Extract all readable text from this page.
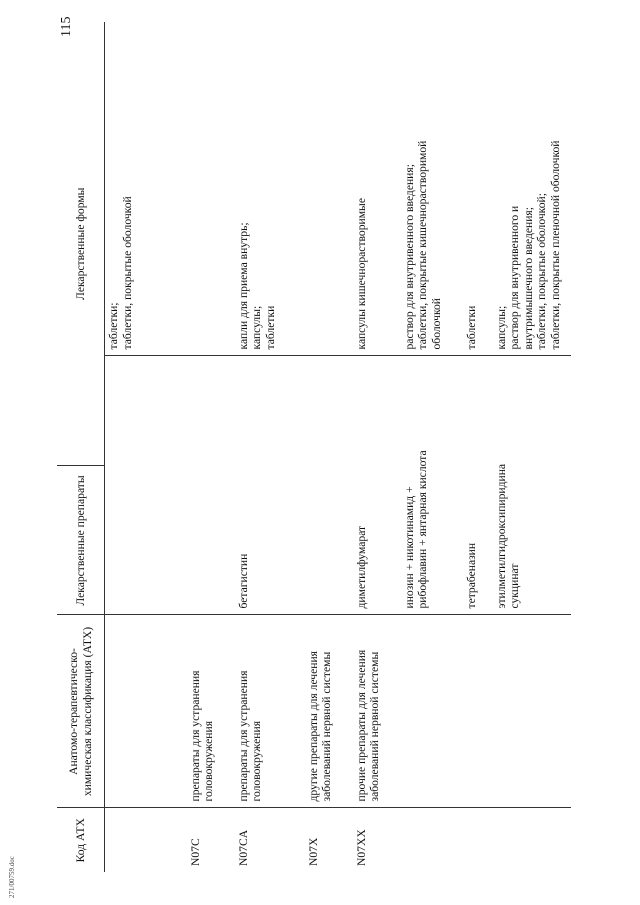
115
Код АТХ	Анатомо-терапевтическо-химическая классификация (АТХ)	Лекарственные препараты	Лекарственные формы	

				таблетки; таблетки, покрытые оболочкой

N07C	препараты для устранения
головокружения			
N07CA	препараты для устранения
головокружения	бетагистин		капли для приема внутрь; капсулы; таблетки

N07X	другие препараты для лечения
заболеваний нервной системы			
N07XX	прочие препараты для лечения
заболеваний нервной системы	диметилфумарат		капсулы кишечнорастворимые

		инозин + никотинамид +
рибофлавин + янтарная кислота		раствор для внутривенного введения; таблетки, покрытые кишечнорастворимой
оболочкой

		тетрабеназин		таблетки

		этилметилгидроксипиридина
сукцинат		капсулы; раствор для внутривенного и
внутримышечного введения; таблетки, покрытые оболочкой; таблетки, покрытые пленочной оболочкой
271/00759.doc
